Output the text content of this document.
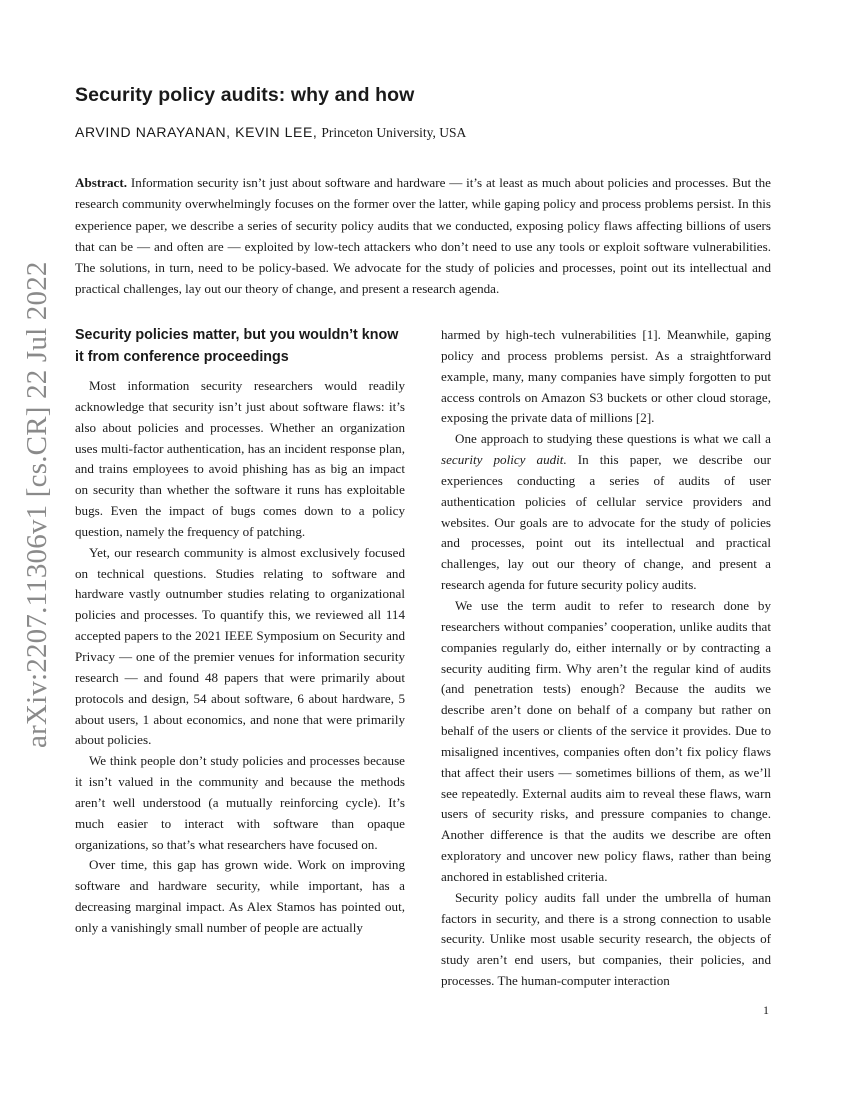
arXiv:2207.11306v1 [cs.CR] 22 Jul 2022
Security policy audits: why and how
ARVIND NARAYANAN, KEVIN LEE, Princeton University, USA

Abstract. Information security isn’t just about software and hardware — it’s at least as much about policies and processes. But the research community overwhelmingly focuses on the former over the latter, while gaping policy and process problems persist. In this experience paper, we describe a series of security policy audits that we conducted, exposing policy flaws affecting billions of users that can be — and often are — exploited by low-tech attackers who don’t need to use any tools or exploit software vulnerabilities. The solutions, in turn, need to be policy-based. We advocate for the study of policies and processes, point out its intellectual and practical challenges, lay out our theory of change, and present a research agenda.

Security policies matter, but you wouldn’t know it from conference proceedings

Most information security researchers would readily acknowledge that security isn’t just about software flaws: it’s also about policies and processes. Whether an organization uses multi-factor authentication, has an incident response plan, and trains employees to avoid phishing has as big an impact on security than whether the software it runs has exploitable bugs. Even the impact of bugs comes down to a policy question, namely the frequency of patching.

Yet, our research community is almost exclusively focused on technical questions. Studies relating to software and hardware vastly outnumber studies relating to organizational policies and processes. To quantify this, we reviewed all 114 accepted papers to the 2021 IEEE Symposium on Security and Privacy — one of the premier venues for information security research — and found 48 papers that were primarily about protocols and design, 54 about software, 6 about hardware, 5 about users, 1 about economics, and none that were primarily about policies.

We think people don’t study policies and processes because it isn’t valued in the community and because the methods aren’t well understood (a mutually reinforcing cycle). It’s much easier to interact with software than opaque organizations, so that’s what researchers have focused on.

Over time, this gap has grown wide. Work on improving software and hardware security, while important, has a decreasing marginal impact. As Alex Stamos has pointed out, only a vanishingly small number of people are actually

harmed by high-tech vulnerabilities [1]. Meanwhile, gaping policy and process problems persist. As a straightforward example, many, many companies have simply forgotten to put access controls on Amazon S3 buckets or other cloud storage, exposing the private data of millions [2].

One approach to studying these questions is what we call a security policy audit. In this paper, we describe our experiences conducting a series of audits of user authentication policies of cellular service providers and websites. Our goals are to advocate for the study of policies and processes, point out its intellectual and practical challenges, lay out our theory of change, and present a research agenda for future security policy audits.

We use the term audit to refer to research done by researchers without companies’ cooperation, unlike audits that companies regularly do, either internally or by contracting a security auditing firm. Why aren’t the regular kind of audits (and penetration tests) enough? Because the audits we describe aren’t done on behalf of a company but rather on behalf of the users or clients of the service it provides. Due to misaligned incentives, companies often don’t fix policy flaws that affect their users — sometimes billions of them, as we’ll see repeatedly. External audits aim to reveal these flaws, warn users of security risks, and pressure companies to change. Another difference is that the audits we describe are often exploratory and uncover new policy flaws, rather than being anchored in established criteria.

Security policy audits fall under the umbrella of human factors in security, and there is a strong connection to usable security. Unlike most usable security research, the objects of study aren’t end users, but companies, their policies, and processes. The human-computer interaction

1
